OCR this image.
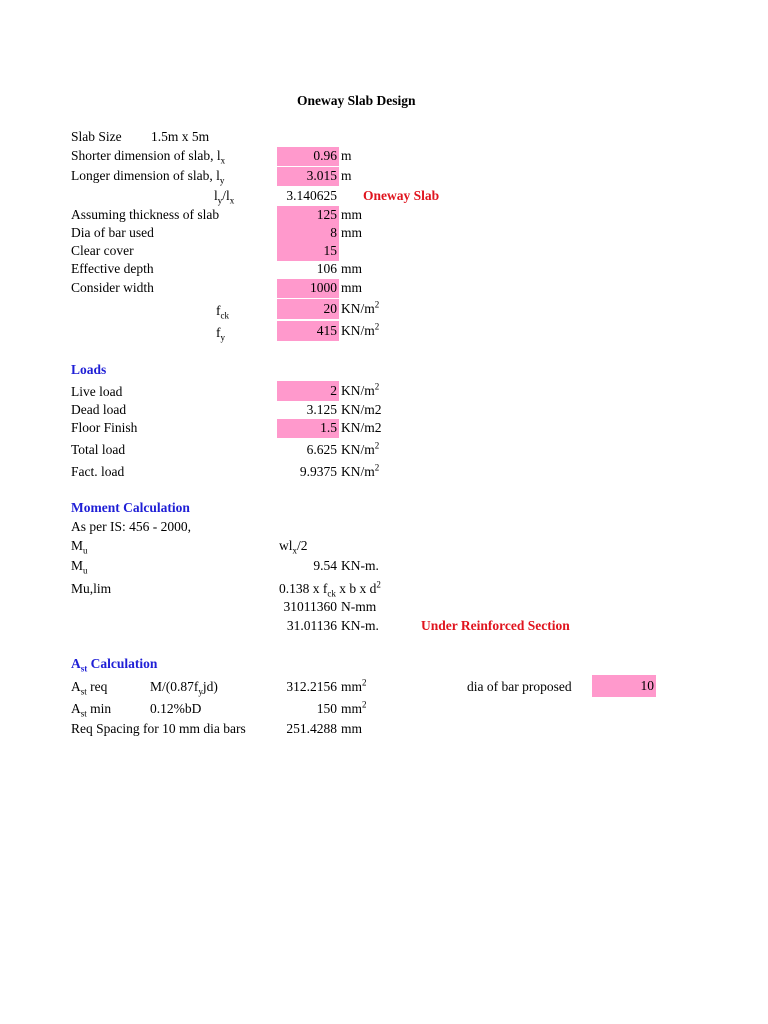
Oneway Slab Design
Slab Size 1.5m x 5m
Shorter dimension of slab, $l_x$	0.96 m
Longer dimension of slab, $l_y$	3.015 m
$l_y/l_x$	3.140625 Oneway Slab
Assuming thickness of slab	125 mm
Dia of bar used	8 mm
Clear cover	15
Effective depth	106 mm
Consider width	1000 mm
$f_{ck}$	20 $KN/m^2$
$f_y$	415 $KN/m^2$
Loads
Live load	2 $KN/m^2$
Dead load	3.125 KN/m2
Floor Finish	1.5 KN/m2
Total load	6.625 $KN/m^2$
Fact. load	9.9375 $KN/m^2$
Moment Calculation
As per IS: 456 - 2000,
$M_u$	$wl_x/2$
$M_u$	9.54 KN-m.
Mu,lim	0.138 x $f_{ck}$ x b x $d^2$
31011360 N-mm
31.01136 KN-m.	Under Reinforced Section
$A_{st}$ Calculation
$A_{st}$ req	$M/(0.87f_yjd)$	312.2156 $mm^2$	dia of bar proposed	10
$A_{st}$ min	0.12%bD	150 $mm^2$
Req Spacing for 10 mm dia bars	251.4288 mm
